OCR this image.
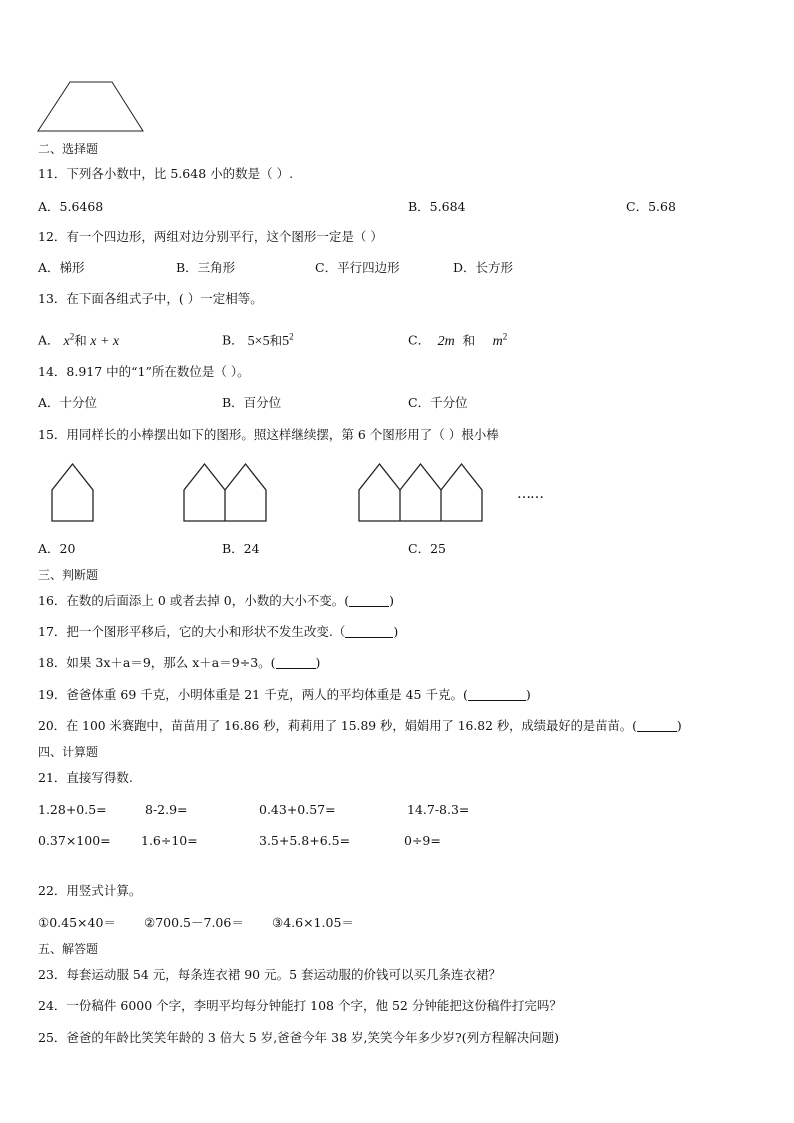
二、选择题
11．下列各小数中，比 5.648 小的数是（ ）.
A．5.6468	B．5.684	C．5.68
12．有一个四边形，两组对边分别平行，这个图形一定是（ ）
A．梯形	B．三角形	C．平行四边形	D．长方形
13．在下面各组式子中，( ）一定相等。
A． $x^2$和 x + x	B． 5×5和$5^2$	C．  2m  和     $m^2$
14．8.917 中的“1”所在数位是（ ）。
A．十分位	B．百分位	C．千分位
15．用同样长的小棒摆出如下的图形。照这样继续摆，第 6 个图形用了（ ）根小棒
……
A．20	B．24	C．25
三、判断题
16．在数的后面添上 0 或者去掉 0，小数的大小不变。(	)
17．把一个图形平移后，它的大小和形状不发生改变.（	)
18．如果 3x＋a＝9，那么 x＋a＝9÷3。(	)
19．爸爸体重 69 千克，小明体重是 21 千克，两人的平均体重是 45 千克。(	)
20．在 100 米赛跑中，苗苗用了 16.86 秒，莉莉用了 15.89 秒，娟娟用了 16.82 秒，成绩最好的是苗苗。(	)
四、计算题
21．直接写得数.
1.28+0.5=	8-2.9=	0.43+0.57=	14.7-8.3=
0.37×100= 1.6÷10=	3.5+5.8+6.5=	0÷9=
22．用竖式计算。
①0.45×40＝ ②700.5－7.06＝ ③4.6×1.05＝
五、解答题
23．每套运动服 54 元，每条连衣裙 90 元。5 套运动服的价钱可以买几条连衣裙？
24．一份稿件 6000 个字，李明平均每分钟能打 108 个字，他 52 分钟能把这份稿件打完吗？
25．爸爸的年龄比笑笑年龄的 3 倍大 5 岁,爸爸今年 38 岁,笑笑今年多少岁?(列方程解决问题)
